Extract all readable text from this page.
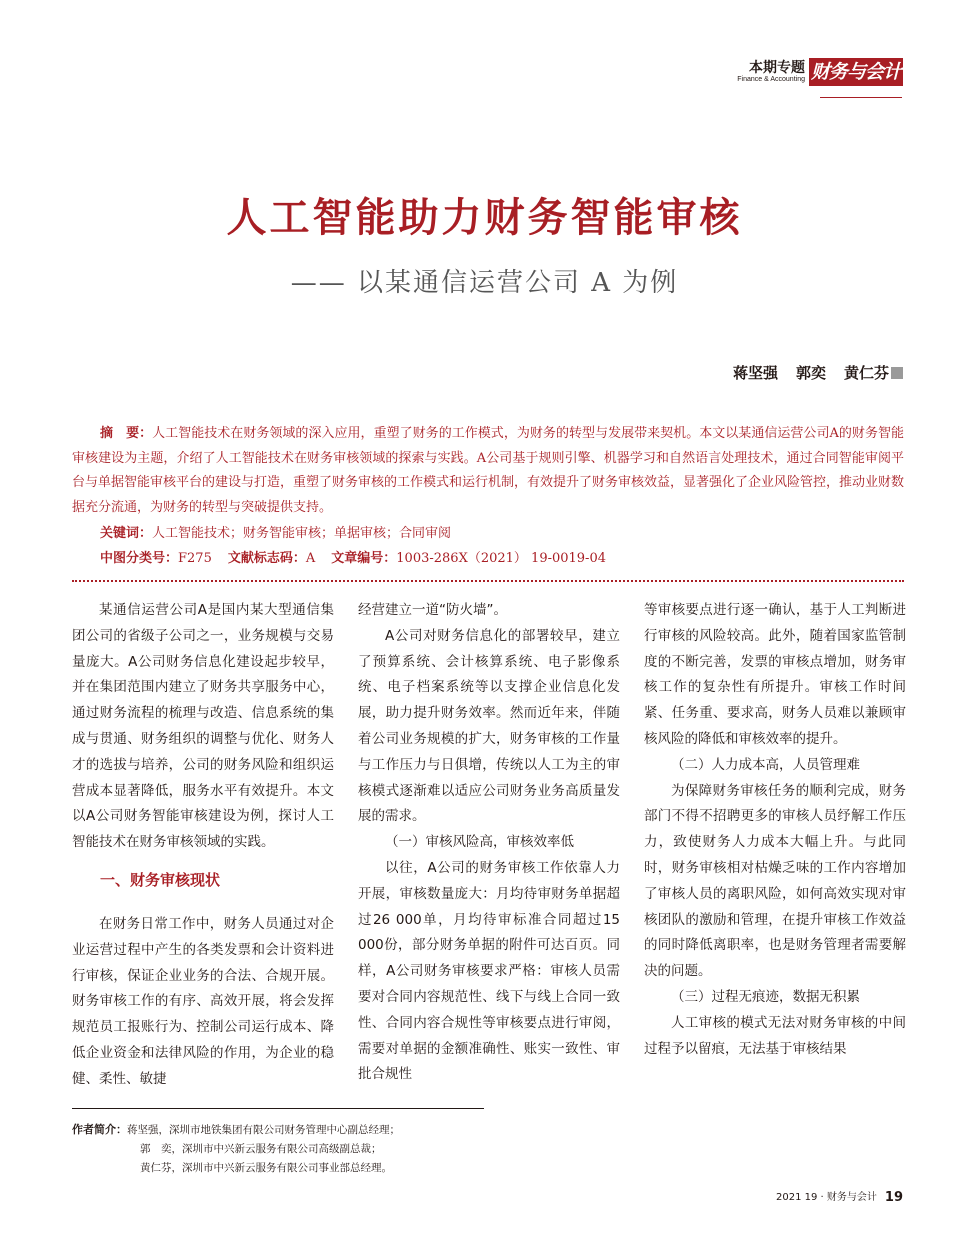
本期专题
Finance & Accounting 财务与会计
人工智能助力财务智能审核
—— 以某通信运营公司 A 为例
蒋坚强 郭奕 黄仁芬
摘　要：人工智能技术在财务领域的深入应用，重塑了财务的工作模式，为财务的转型与发展带来契机。本文以某通信运营公司A的财务智能审核建设为主题，介绍了人工智能技术在财务审核领域的探索与实践。A公司基于规则引擎、机器学习和自然语言处理技术，通过合同智能审阅平台与单据智能审核平台的建设与打造，重塑了财务审核的工作模式和运行机制，有效提升了财务审核效益，显著强化了企业风险管控，推动业财数据充分流通，为财务的转型与突破提供支持。
关键词：人工智能技术；财务智能审核；单据审核；合同审阅
中图分类号：F275 文献标志码：A 文章编号：1003-286X（2021） 19-0019-04

某通信运营公司A是国内某大型通信集团公司的省级子公司之一，业务规模与交易量庞大。A公司财务信息化建设起步较早，并在集团范围内建立了财务共享服务中心，通过财务流程的梳理与改造、信息系统的集成与贯通、财务组织的调整与优化、财务人才的选拔与培养，公司的财务风险和组织运营成本显著降低，服务水平有效提升。本文以A公司财务智能审核建设为例，探讨人工智能技术在财务审核领域的实践。

一、财务审核现状

在财务日常工作中，财务人员通过对企业运营过程中产生的各类发票和会计资料进行审核，保证企业业务的合法、合规开展。财务审核工作的有序、高效开展，将会发挥规范员工报账行为、控制公司运行成本、降低企业资金和法律风险的作用，为企业的稳健、柔性、敏捷

经营建立一道“防火墙”。

A公司对财务信息化的部署较早，建立了预算系统、会计核算系统、电子影像系统、电子档案系统等以支撑企业信息化发展，助力提升财务效率。然而近年来，伴随着公司业务规模的扩大，财务审核的工作量与工作压力与日俱增，传统以人工为主的审核模式逐渐难以适应公司财务业务高质量发展的需求。

（一）审核风险高，审核效率低

以往，A公司的财务审核工作依靠人力开展，审核数量庞大：月均待审财务单据超过26 000单，月均待审标准合同超过15 000份，部分财务单据的附件可达百页。同样，A公司财务审核要求严格：审核人员需要对合同内容规范性、线下与线上合同一致性、合同内容合规性等审核要点进行审阅，需要对单据的金额准确性、账实一致性、审批合规性

等审核要点进行逐一确认，基于人工判断进行审核的风险较高。此外，随着国家监管制度的不断完善，发票的审核点增加，财务审核工作的复杂性有所提升。审核工作时间紧、任务重、要求高，财务人员难以兼顾审核风险的降低和审核效率的提升。

（二）人力成本高，人员管理难

为保障财务审核任务的顺利完成，财务部门不得不招聘更多的审核人员纾解工作压力，致使财务人力成本大幅上升。与此同时，财务审核相对枯燥乏味的工作内容增加了审核人员的离职风险，如何高效实现对审核团队的激励和管理，在提升审核工作效益的同时降低离职率，也是财务管理者需要解决的问题。

（三）过程无痕迹，数据无积累

人工审核的模式无法对财务审核的中间过程予以留痕，无法基于审核结果

作者简介：蒋坚强，深圳市地铁集团有限公司财务管理中心副总经理；
郭　奕，深圳市中兴新云服务有限公司高级副总裁；
黄仁芬，深圳市中兴新云服务有限公司事业部总经理。
2021 19 · 财务与会计 19
